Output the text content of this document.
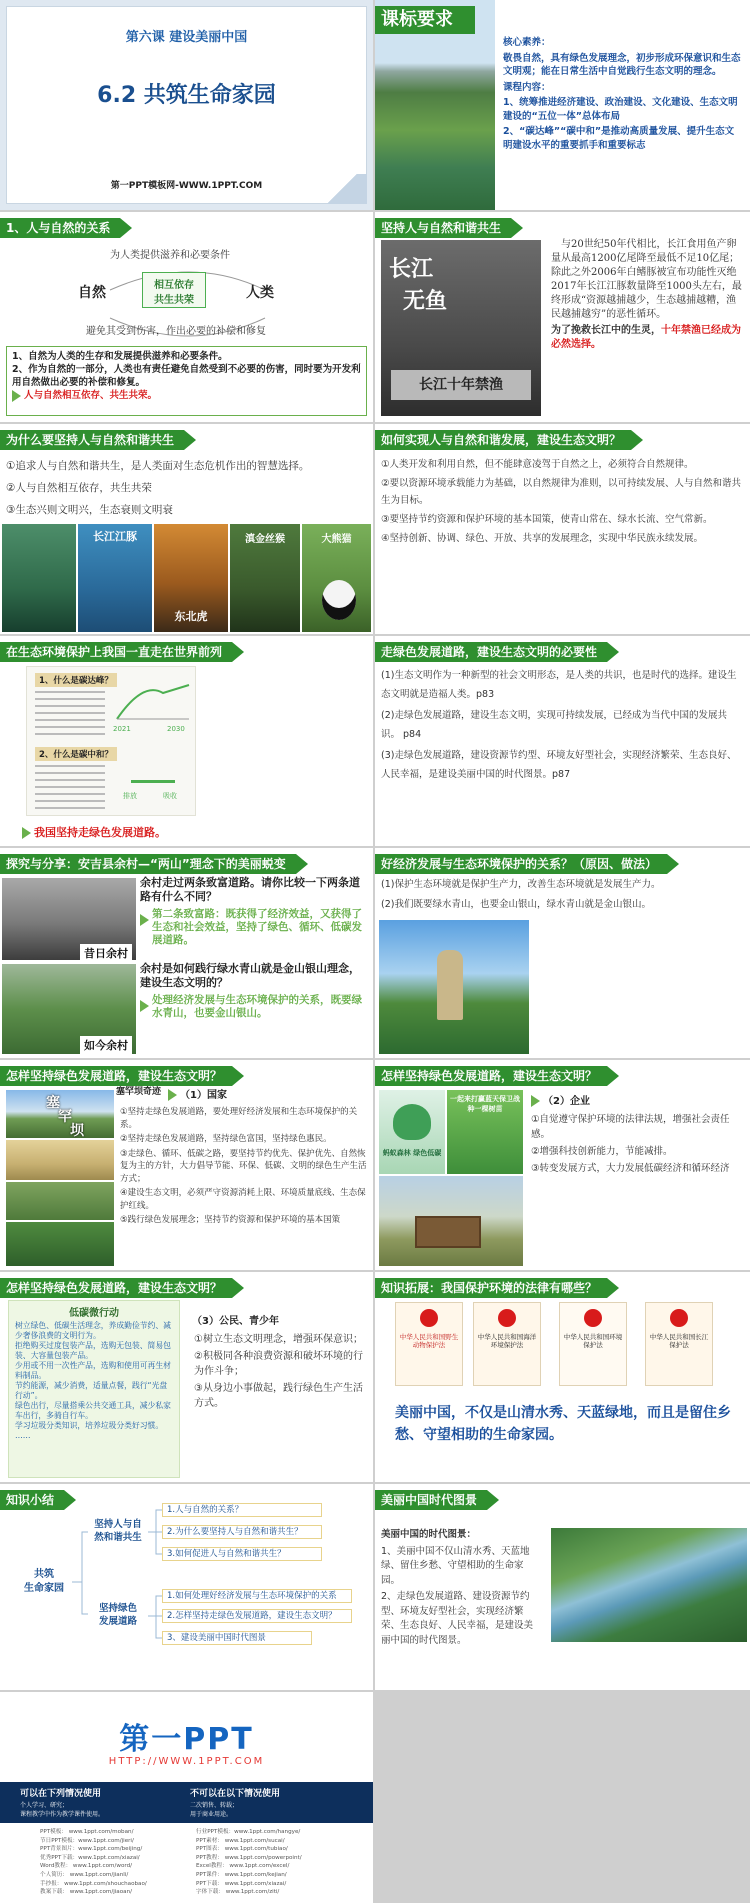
第六课 建设美丽中国
6.2 共筑生命家园
第一PPT模板网-WWW.1PPT.COM
课标要求

核心素养：

敬畏自然，具有绿色发展理念，初步形成环保意识和生态文明观；能在日常生活中自觉践行生态文明的理念。

课程内容：

1、统筹推进经济建设、政治建设、文化建设、生态文明建设的“五位一体”总体布局

2、“碳达峰”“碳中和”是推动高质量发展、提升生态文明建设水平的重要抓手和重要标志

1、人与自然的关系
为人类提供滋养和必要条件
自然	相互依存
共生共荣	人类
避免其受到伤害，作出必要的补偿和修复
1、自然为人类的生存和发展提供滋养和必要条件。
2、作为自然的一部分，人类也有责任避免自然受到不必要的伤害，同时要为开发利用自然做出必要的补偿和修复。
人与自然相互依存、共生共荣。
坚持人与自然和谐共生
长江
无鱼
长江十年禁渔

与20世纪50年代相比，长江食用鱼产卵量从最高1200亿尾降至最低不足10亿尾；除此之外2006年白鳍豚被宣布功能性灭绝2017年长江江豚数量降至1000头左右，最终形成“资源越捕越少，生态越捕越糟，渔民越捕越穷”的恶性循环。

为了挽救长江中的生灵，十年禁渔已经成为必然选择。

为什么要坚持人与自然和谐共生

①追求人与自然和谐共生，是人类面对生态危机作出的智慧选择。

②人与自然相互依存，共生共荣

③生态兴则文明兴，生态衰则文明衰

长江江豚
东北虎
滇金丝猴	大熊猫
如何实现人与自然和谐发展，建设生态文明？

①人类开发和利用自然，但不能肆意凌驾于自然之上，必须符合自然规律。

②要以资源环境承载能力为基础，以自然规律为准则，以可持续发展、人与自然和谐共生为目标。

③要坚持节约资源和保护环境的基本国策，使青山常在、绿水长流、空气常新。

④坚持创新、协调、绿色、开放、共享的发展理念，实现中华民族永续发展。

在生态环境保护上我国一直走在世界前列
1、什么是碳达峰？
2021	2030
2、什么是碳中和？
排放	吸收
我国坚持走绿色发展道路。
走绿色发展道路，建设生态文明的必要性

(1)生态文明作为一种新型的社会文明形态，是人类的共识，也是时代的选择。建设生态文明就是造福人类。p83

(2)走绿色发展道路，建设生态文明，实现可持续发展，已经成为当代中国的发展共识。 p84

(3)走绿色发展道路，建设资源节约型、环境友好型社会，实现经济繁荣、生态良好、人民幸福，是建设美丽中国的时代图景。p87

探究与分享：安吉县余村—“两山”理念下的美丽蜕变
昔日余村
如今余村
余村走过两条致富道路。请你比较一下两条道路有什么不同？
第二条致富路：既获得了经济效益，又获得了生态和社会效益，坚持了绿色、循环、低碳发展道路。
余村是如何践行绿水青山就是金山银山理念，建设生态文明的？
处理经济发展与生态环境保护的关系，既要绿水青山，也要金山银山。
好经济发展与生态环境保护的关系？（原因、做法）

(1)保护生态环境就是保护生产力，改善生态环境就是发展生产力。

(2)我们既要绿水青山，也要金山银山，绿水青山就是金山银山。

怎样坚持绿色发展道路，建设生态文明？
塞
罕
坝
塞罕坝奇迹	（1）国家

①坚持走绿色发展道路，要处理好经济发展和生态环境保护的关系。

②坚持走绿色发展道路，坚持绿色富国，坚持绿色惠民。

③走绿色、循环、低碳之路，要坚持节约优先、保护优先、自然恢复为主的方针，大力倡导节能、环保、低碳、文明的绿色生产生活方式；

④建设生态文明，必须严守资源消耗上限、环境质量底线、生态保护红线。

⑤践行绿色发展理念；坚持节约资源和保护环境的基本国策

怎样坚持绿色发展道路，建设生态文明？
蚂蚁森林 绿色低碳
一起来打赢蓝天保卫战
种一棵树苗
（2）企业

①自觉遵守保护环境的法律法规，增强社会责任感。

②增强科技创新能力，节能减排。

③转变发展方式，大力发展低碳经济和循环经济

怎样坚持绿色发展道路，建设生态文明？
低碳微行动

树立绿色、低碳生活理念，养成勤俭节约、减少奢侈浪费的文明行为。

拒绝购买过度包装产品，选购无包装、简易包装、大容量包装产品。

少用或不用一次性产品，选购和使用可再生材料制品。

节约能源，减少消费，适量点餐，践行“光盘行动”。

绿色出行，尽量搭乘公共交通工具，减少私家车出行，多骑自行车。

学习垃圾分类知识，培养垃圾分类好习惯。

……

（3）公民、青少年

①树立生态文明理念，增强环保意识；

②积极同各种浪费资源和破坏环境的行为作斗争；

③从身边小事做起，践行绿色生产生活方式。

知识拓展：我国保护环境的法律有哪些？
中华人民共和国野生动物保护法
中华人民共和国海洋环境保护法
中华人民共和国环境保护法
中华人民共和国长江保护法
美丽中国，不仅是山清水秀、天蓝绿地，而且是留住乡愁、守望相助的生命家园。
知识小结
共筑
生命家园
坚持人与自
然和谐共生
坚持绿色
发展道路
1.人与自然的关系？
2.为什么要坚持人与自然和谐共生？
3.如何促进人与自然和谐共生？
1.如何处理好经济发展与生态环境保护的关系
2.怎样坚持走绿色发展道路，建设生态文明？
3、建设美丽中国时代图景
美丽中国时代图景

美丽中国的时代图景：

1、美丽中国不仅山清水秀、天蓝地绿、留住乡愁、守望相助的生命家园。

2、走绿色发展道路、建设资源节约型、环境友好型社会，实现经济繁荣、生态良好、人民幸福，是建设美丽中国的时代图景。

第一PPT
HTTP://WWW.1PPT.COM
可以在下列情况使用
个人学习、研究；
课程教学中作为教学课件使用。
不可以在以下情况使用
二次销售、转载；
用于商业用途。
PPT模板： www.1ppt.com/moban/
节日PPT模板：www.1ppt.com/jieri/
PPT背景图片：www.1ppt.com/beijing/
优秀PPT下载：www.1ppt.com/xiazai/
Word教程： www.1ppt.com/word/
个人简历： www.1ppt.com/jianli/
手抄报： www.1ppt.com/shouchaobao/
教案下载： www.1ppt.com/jiaoan/
行业PPT模板：www.1ppt.com/hangye/
PPT素材： www.1ppt.com/sucai/
PPT图表： www.1ppt.com/tubiao/
PPT教程： www.1ppt.com/powerpoint/
Excel教程： www.1ppt.com/excel/
PPT课件： www.1ppt.com/kejian/
PPT下载： www.1ppt.com/xiazai/
字体下载： www.1ppt.com/ziti/
